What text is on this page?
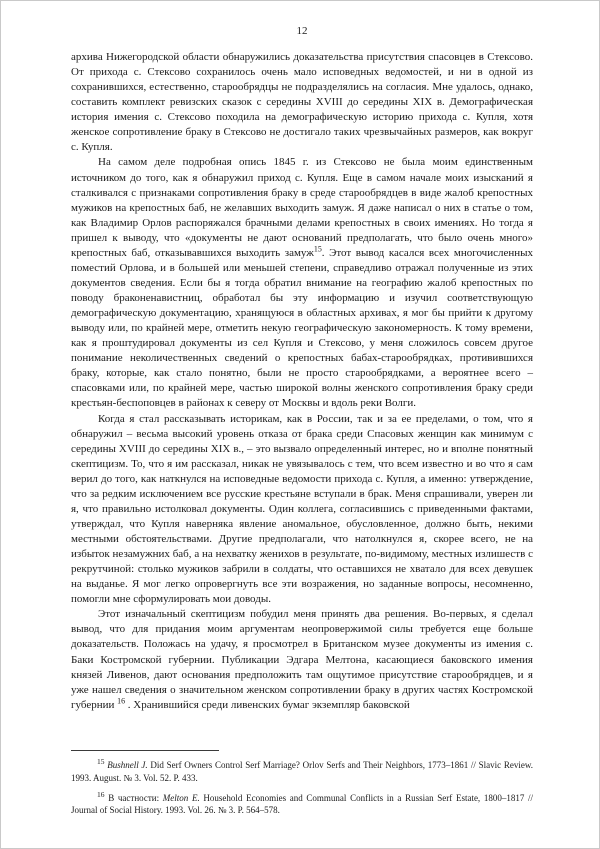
12

архива Нижегородской области обнаружились доказательства присутствия спасовцев в Стексово. От прихода с. Стексово сохранилось очень мало исповедных ведомостей, и ни в одной из сохранившихся, естественно, старообрядцы не подразделялись на согласия. Мне удалось, однако, составить комплект ревизских сказок с середины XVIII до середины XIX в. Демографическая история имения с. Стексово походила на демографическую историю прихода с. Купля, хотя женское сопротивление браку в Стексово не достигало таких чрезвычайных размеров, как вокруг с. Купля.

На самом деле подробная опись 1845 г. из Стексово не была моим единственным источником до того, как я обнаружил приход с. Купля. Еще в самом начале моих изысканий я сталкивался с признаками сопротивления браку в среде старообрядцев в виде жалоб крепостных мужиков на крепостных баб, не желавших выходить замуж. Я даже написал о них в статье о том, как Владимир Орлов распоряжался брачными делами крепостных в своих имениях. Но тогда я пришел к выводу, что «документы не дают оснований предполагать, что было очень много» крепостных баб, отказывавшихся выходить замуж$^{15}$. Этот вывод касался всех многочисленных поместий Орлова, и в большей или меньшей степени, справедливо отражал полученные из этих документов сведения. Если бы я тогда обратил внимание на географию жалоб крепостных по поводу браконенавистниц, обработал бы эту информацию и изучил соответствующую демографическую документацию, хранящуюся в областных архивах, я мог бы прийти к другому выводу или, по крайней мере, отметить некую географическую закономерность. К тому времени, как я проштудировал документы из сел Купля и Стексово, у меня сложилось совсем другое понимание неколичественных сведений о крепостных бабах-старообрядках, противившихся браку, которые, как стало понятно, были не просто старообрядками, а вероятнее всего – спасовками или, по крайней мере, частью широкой волны женского сопротивления браку среди крестьян-беспоповцев в районах к северу от Москвы и вдоль реки Волги.

Когда я стал рассказывать историкам, как в России, так и за ее пределами, о том, что я обнаружил – весьма высокий уровень отказа от брака среди Спасовых женщин как минимум с середины XVIII до середины XIX в., – это вызвало определенный интерес, но и вполне понятный скептицизм. То, что я им рассказал, никак не увязывалось с тем, что всем известно и во что я сам верил до того, как наткнулся на исповедные ведомости прихода с. Купля, а именно: утверждение, что за редким исключением все русские крестьяне вступали в брак. Меня спрашивали, уверен ли я, что правильно истолковал документы. Один коллега, согласившись с приведенными фактами, утверждал, что Купля наверняка явление аномальное, обусловленное, должно быть, некими местными обстоятельствами. Другие предполагали, что натолкнулся я, скорее всего, не на избыток незамужних баб, а на нехватку женихов в результате, по-видимому, местных излишеств с рекрутчиной: столько мужиков забрили в солдаты, что оставшихся не хватало для всех девушек на выданье. Я мог легко опровергнуть все эти возражения, но заданные вопросы, несомненно, помогли мне сформулировать мои доводы.

Этот изначальный скептицизм побудил меня принять два решения. Во-первых, я сделал вывод, что для придания моим аргументам неопровержимой силы требуется еще больше доказательств. Положась на удачу, я просмотрел в Британском музее документы из имения с. Баки Костромской губернии. Публикации Эдгара Мелтона, касающиеся баковского имения князей Ливенов, дают основания предположить там ощутимое присутствие старообрядцев, и я уже нашел сведения о значительном женском сопротивлении браку в других частях Костромской губернии $^{16}$ . Хранившийся среди ливенских бумаг экземпляр баковской

$^{15}$ Bushnell J. Did Serf Owners Control Serf Marriage? Orlov Serfs and Their Neighbors, 1773–1861 // Slavic Review. 1993. August. № 3. Vol. 52. P. 433.

$^{16}$ В частности: Melton E. Household Economies and Communal Conflicts in a Russian Serf Estate, 1800–1817 // Journal of Social History. 1993. Vol. 26. № 3. P. 564–578.
